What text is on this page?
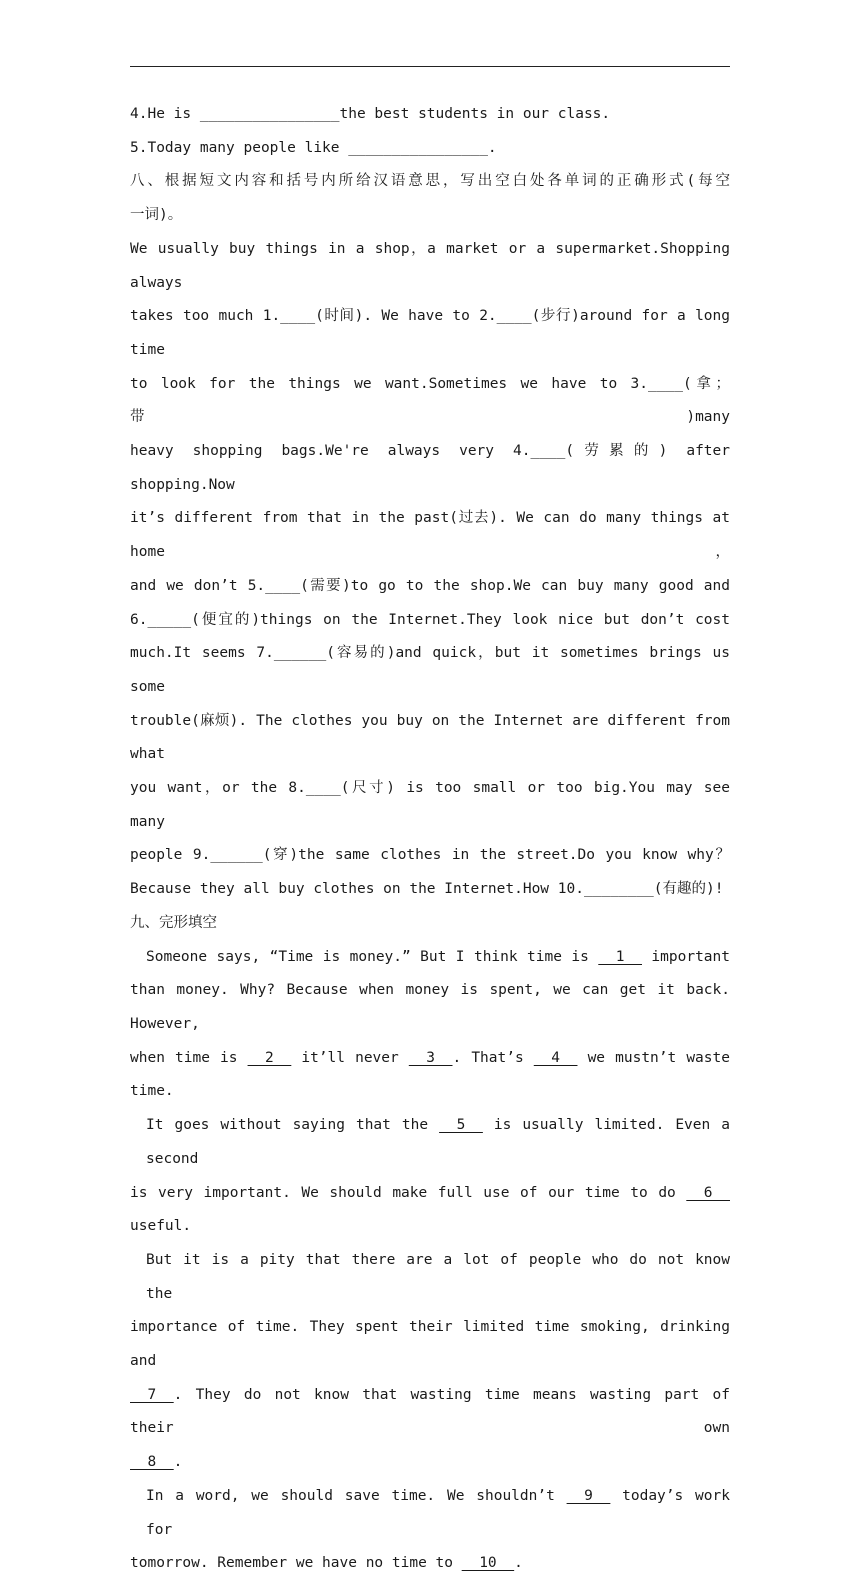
4.He is ________________the best students in our class.
5.Today many people like ________________.
八、根据短文内容和括号内所给汉语意思，写出空白处各单词的正确形式(每空
一词)。
We usually buy things in a shop，a market or a supermarket.Shopping always
takes too much 1.____(时间). We have to 2.____(步行)around for a long time
to look for the things we want.Sometimes we have to 3.____(拿；带)many
heavy shopping bags.We're always very 4.____(劳累的) after shopping.Now
it’s different from that in the past(过去). We can do many things at home，
and we don’t 5.____(需要)to go to the shop.We can buy many good and
6._____(便宜的)things on the Internet.They look nice but don’t cost
much.It seems 7.______(容易的)and quick，but it sometimes brings us some
trouble(麻烦). The clothes you buy on the Internet are different from what
you want，or the 8.____(尺寸) is too small or too big.You may see many
people 9.______(穿)the same clothes in the street.Do you know why？
Because they all buy clothes on the Internet.How 10.________(有趣的)!
九、完形填空
Someone says, “Time is money.” But I think time is __1__ important
than money. Why? Because when money is spent, we can get it back. However,
when time is __2__ it’ll never __3__. That’s __4__ we mustn’t waste
time.
It goes without saying that the __5__ is usually limited. Even a second
is very important. We should make full use of our time to do __6__
useful.
But it is a pity that there are a lot of people who do not know the
importance of time. They spent their limited time smoking, drinking and
__7__. They do not know that wasting time means wasting part of their own
__8__.
In a word, we should save time. We shouldn’t __9__ today’s work for
tomorrow. Remember we have no time to __10__.
